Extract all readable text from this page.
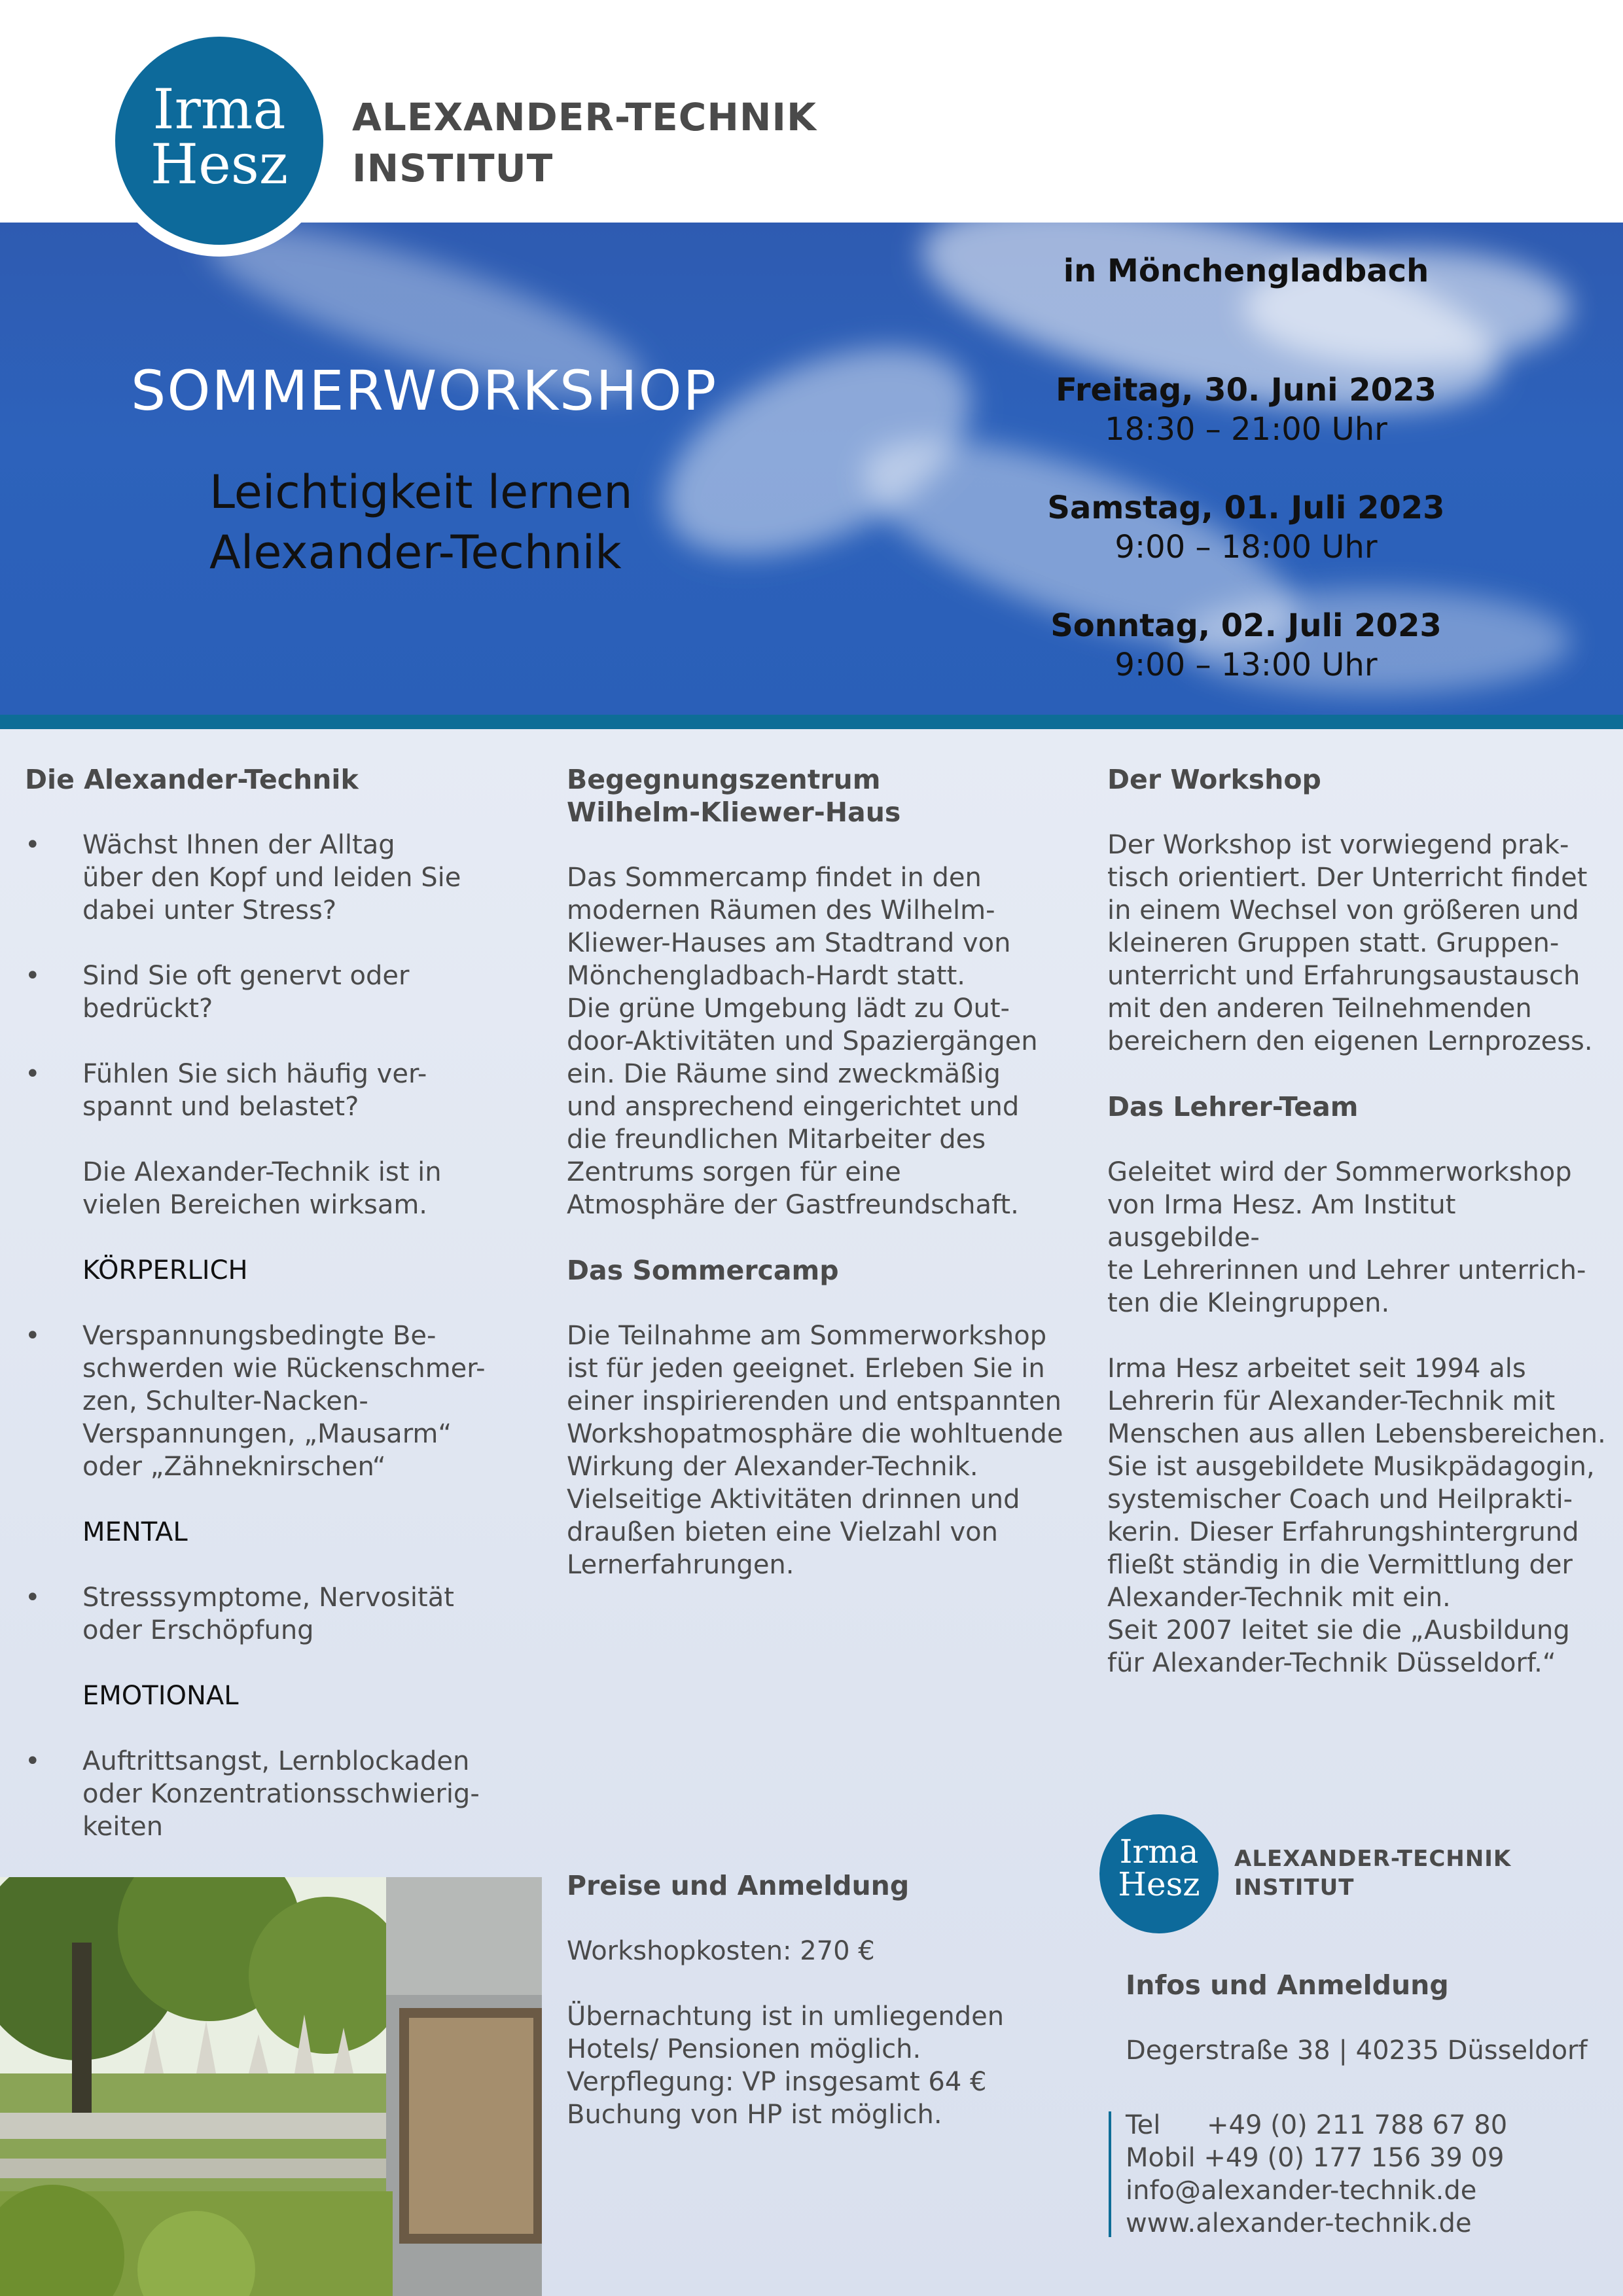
Irma
Hesz
ALEXANDER-TECHNIK
INSTITUT
SOMMERWORKSHOP
Leichtigkeit lernen
Alexander-Technik
in Mönchengladbach
Freitag, 30. Juni 2023
18:30 – 21:00 Uhr
Samstag, 01. Juli 2023
9:00 – 18:00 Uhr
Sonntag, 02. Juli 2023
9:00 – 13:00 Uhr
Die Alexander-Technik
• Wächst Ihnen der Alltag
über den Kopf und leiden Sie
dabei unter Stress?
• Sind Sie oft genervt oder
bedrückt?
• Fühlen Sie sich häufig ver-
spannt und belastet?
Die Alexander-Technik ist in
vielen Bereichen wirksam.
KÖRPERLICH
• Verspannungsbedingte Be-
schwerden wie Rückenschmer-
zen, Schulter-Nacken-
Verspannungen, „Mausarm“
oder „Zähneknirschen“
MENTAL
• Stresssymptome, Nervosität
oder Erschöpfung
EMOTIONAL
• Auftrittsangst, Lernblockaden
oder Konzentrationsschwierig-
keiten
Begegnungszentrum
Wilhelm-Kliewer-Haus
Das Sommercamp findet in den
modernen Räumen des Wilhelm-
Kliewer-Hauses am Stadtrand von
Mönchengladbach-Hardt statt.
Die grüne Umgebung lädt zu Out-
door-Aktivitäten und Spaziergängen
ein. Die Räume sind zweckmäßig
und ansprechend eingerichtet und
die freundlichen Mitarbeiter des
Zentrums sorgen für eine
Atmosphäre der Gastfreundschaft.
Das Sommercamp
Die Teilnahme am Sommerworkshop
ist für jeden geeignet. Erleben Sie in
einer inspirierenden und entspannten
Workshopatmosphäre die wohltuende
Wirkung der Alexander-Technik.
Vielseitige Aktivitäten drinnen und
draußen bieten eine Vielzahl von
Lernerfahrungen.
Preise und Anmeldung
Workshopkosten: 270 €
Übernachtung ist in umliegenden
Hotels/ Pensionen möglich.
Verpflegung: VP insgesamt 64 €
Buchung von HP ist möglich.
Der Workshop
Der Workshop ist vorwiegend prak-
tisch orientiert. Der Unterricht findet
in einem Wechsel von größeren und
kleineren Gruppen statt. Gruppen-
unterricht und Erfahrungsaustausch
mit den anderen Teilnehmenden
bereichern den eigenen Lernprozess.
Das Lehrer-Team
Geleitet wird der Sommerworkshop
von Irma Hesz. Am Institut ausgebilde-
te Lehrerinnen und Lehrer unterrich-
ten die Kleingruppen.
Irma Hesz arbeitet seit 1994 als
Lehrerin für Alexander-Technik mit
Menschen aus allen Lebensbereichen.
Sie ist ausgebildete Musikpädagogin,
systemischer Coach und Heilprakti-
kerin. Dieser Erfahrungshintergrund
fließt ständig in die Vermittlung der
Alexander-Technik mit ein.
Seit 2007 leitet sie die „Ausbildung
für Alexander-Technik Düsseldorf.“
Irma
Hesz
ALEXANDER-TECHNIK
INSTITUT
Infos und Anmeldung
Degerstraße 38 | 40235 Düsseldorf
Tel +49 (0) 211 788 67 80
Mobil +49 (0) 177 156 39 09
info@alexander-technik.de
www.alexander-technik.de
